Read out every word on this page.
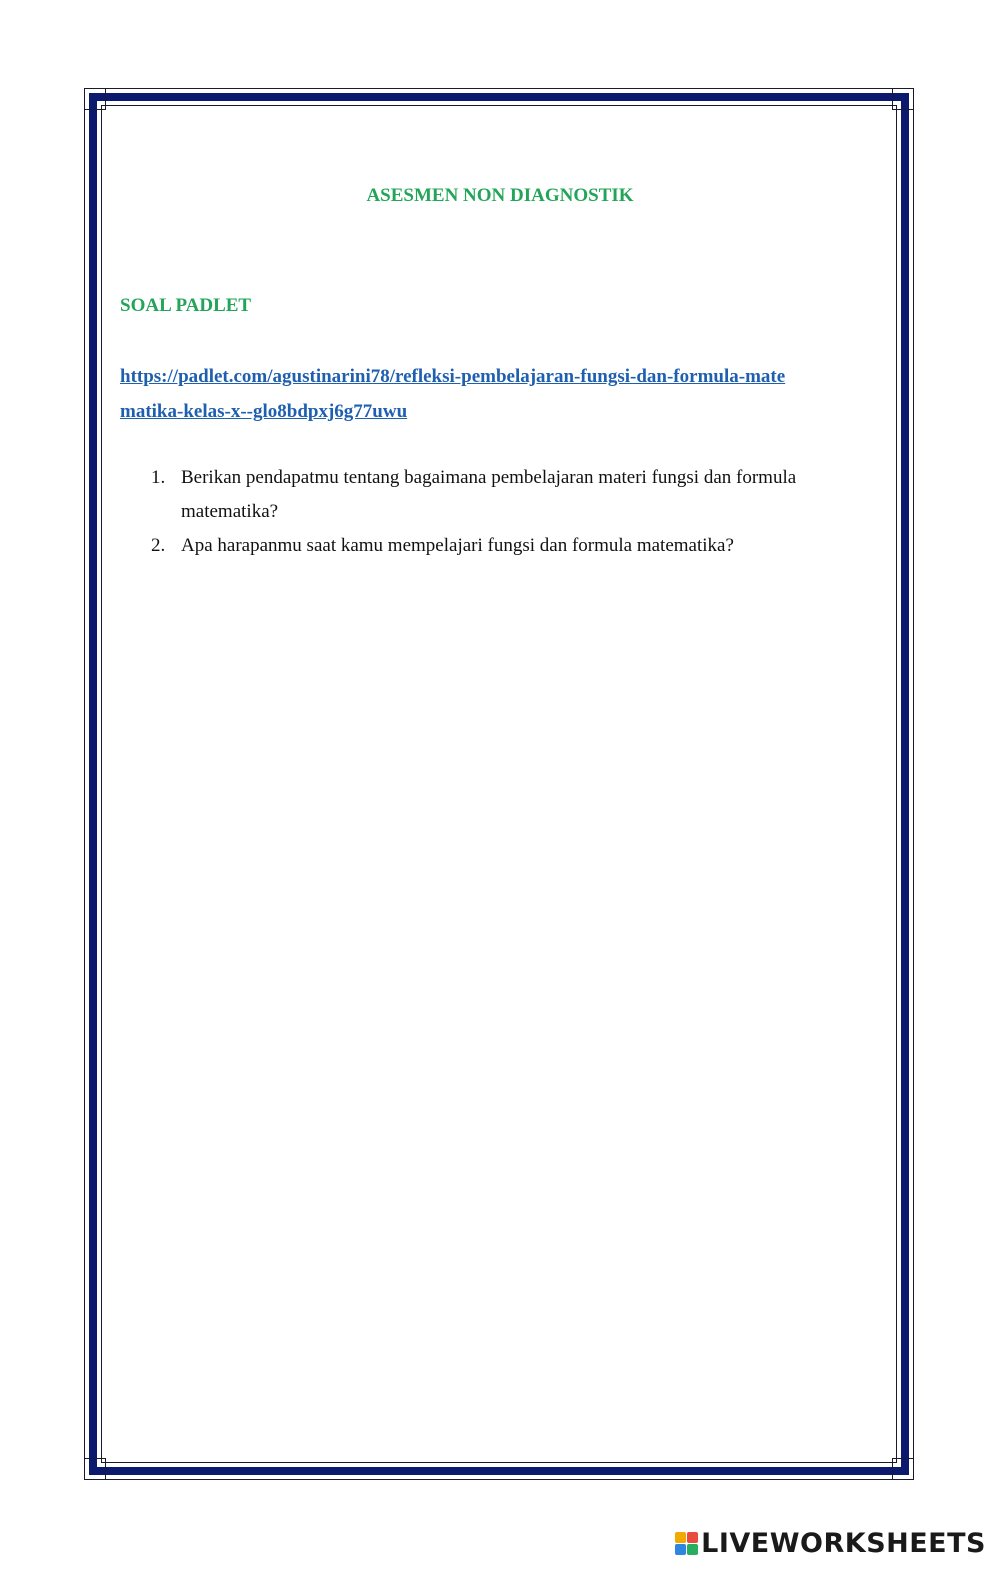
ASESMEN NON DIAGNOSTIK
SOAL PADLET
https://padlet.com/agustinarini78/refleksi-pembelajaran-fungsi-dan-formula-matematika-kelas-x--glo8bdpxj6g77uwu
1. Berikan pendapatmu tentang bagaimana pembelajaran materi fungsi dan formula matematika?
2. Apa harapanmu saat kamu mempelajari fungsi dan formula matematika?
LIVEWORKSHEETS
